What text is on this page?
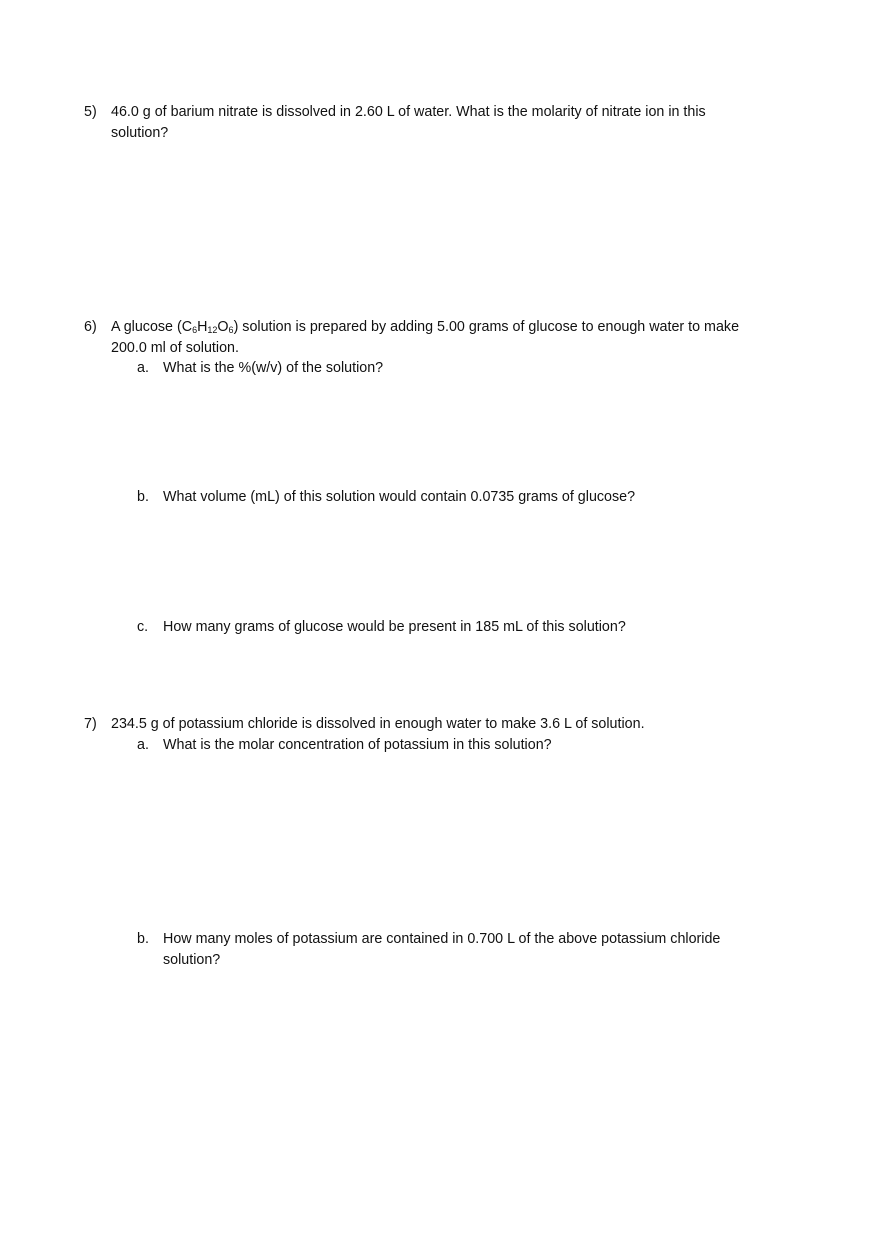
5) 46.0 g of barium nitrate is dissolved in 2.60 L of water. What is the molarity of nitrate ion in this solution?
6) A glucose $(C_6H_{12}O_6)$ solution is prepared by adding 5.00 grams of glucose to enough water to make 200.0 ml of solution.
a. What is the %(w/v) of the solution?
b. What volume (mL) of this solution would contain 0.0735 grams of glucose?
c.	How many grams of glucose would be present in 185 mL of this solution?
7) 234.5 g of potassium chloride is dissolved in enough water to make 3.6 L of solution.
a. What is the molar concentration of potassium in this solution?
b. How many moles of potassium are contained in 0.700 L of the above potassium chloride solution?
